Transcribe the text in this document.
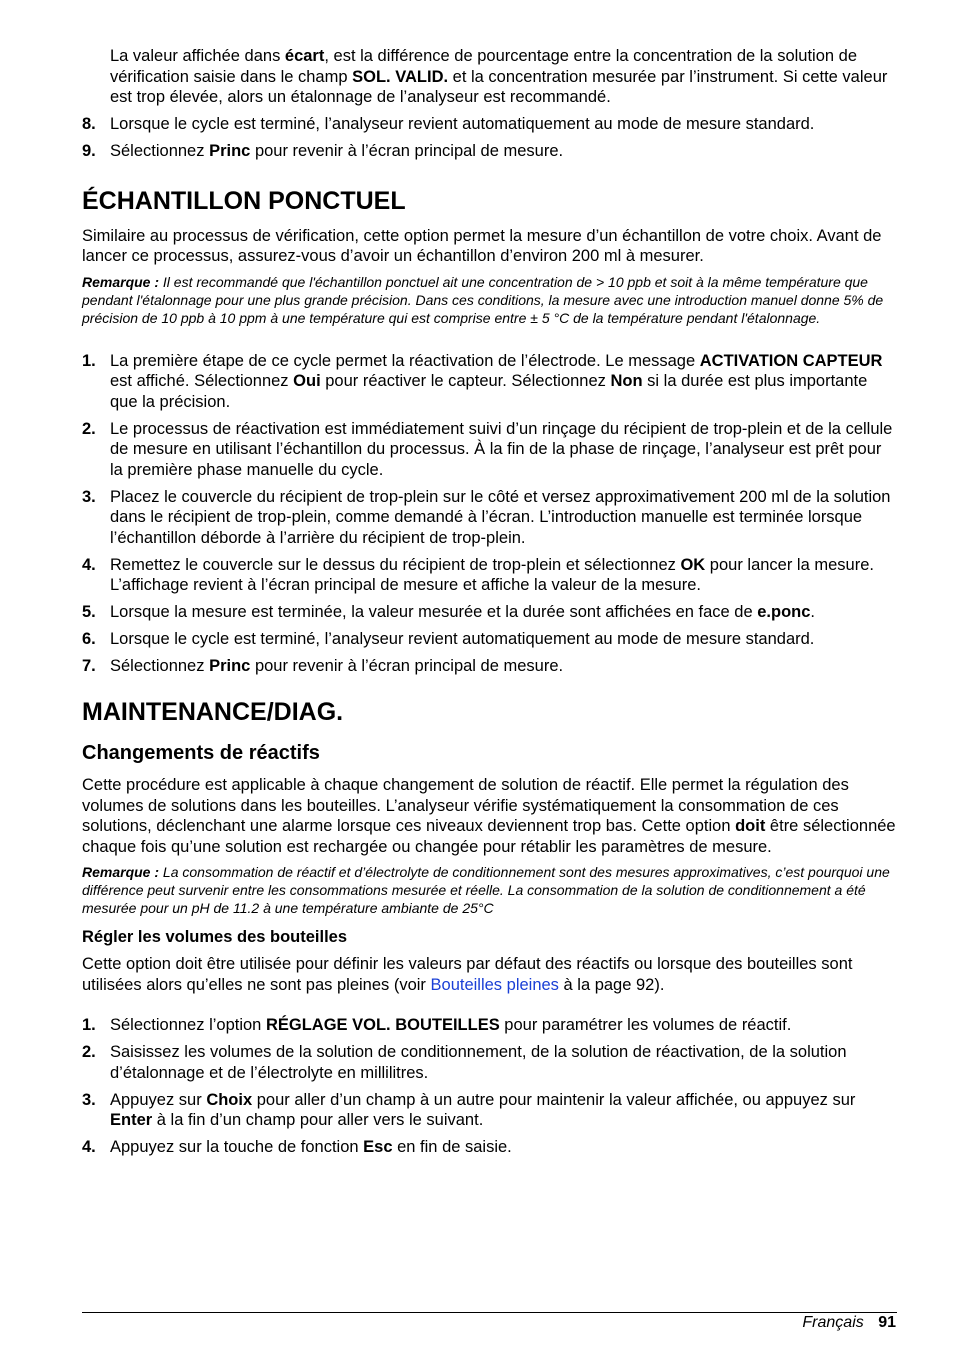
La valeur affichée dans écart, est la différence de pourcentage entre la concentration de la solution de vérification saisie dans le champ SOL. VALID. et la concentration mesurée par l’instrument. Si cette valeur est trop élevée, alors un étalonnage de l’analyseur est recommandé.

8. Lorsque le cycle est terminé, l’analyseur revient automatiquement au mode de mesure standard.
9. Sélectionnez Princ pour revenir à l’écran principal de mesure.
ÉCHANTILLON PONCTUEL

Similaire au processus de vérification, cette option permet la mesure d’un échantillon de votre choix. Avant de lancer ce processus, assurez-vous d’avoir un échantillon d’environ 200 ml à mesurer.

Remarque : Il est recommandé que l'échantillon ponctuel ait une concentration de > 10 ppb et soit à la même température que pendant l'étalonnage pour une plus grande précision. Dans ces conditions, la mesure avec une introduction manuel donne 5% de précision de 10 ppb à 10 ppm à une température qui est comprise entre ± 5 °C de la température pendant l'étalonnage.

1. La première étape de ce cycle permet la réactivation de l’électrode. Le message ACTIVATION CAPTEUR est affiché. Sélectionnez Oui pour réactiver le capteur. Sélectionnez Non si la durée est plus importante que la précision.
2. Le processus de réactivation est immédiatement suivi d’un rinçage du récipient de trop-plein et de la cellule de mesure en utilisant l’échantillon du processus. À la fin de la phase de rinçage, l’analyseur est prêt pour la première phase manuelle du cycle.
3. Placez le couvercle du récipient de trop-plein sur le côté et versez approximativement 200 ml de la solution dans le récipient de trop-plein, comme demandé à l’écran. L’introduction manuelle est terminée lorsque l’échantillon déborde à l’arrière du récipient de trop-plein.
4. Remettez le couvercle sur le dessus du récipient de trop-plein et sélectionnez OK pour lancer la mesure. L’affichage revient à l’écran principal de mesure et affiche la valeur de la mesure.
5. Lorsque la mesure est terminée, la valeur mesurée et la durée sont affichées en face de e.ponc.
6. Lorsque le cycle est terminé, l’analyseur revient automatiquement au mode de mesure standard.
7. Sélectionnez Princ pour revenir à l’écran principal de mesure.
MAINTENANCE/DIAG.
Changements de réactifs

Cette procédure est applicable à chaque changement de solution de réactif. Elle permet la régulation des volumes de solutions dans les bouteilles. L’analyseur vérifie systématiquement la consommation de ces solutions, déclenchant une alarme lorsque ces niveaux deviennent trop bas. Cette option doit être sélectionnée chaque fois qu’une solution est rechargée ou changée pour rétablir les paramètres de mesure.

Remarque : La consommation de réactif et d’électrolyte de conditionnement sont des mesures approximatives, c’est pourquoi une différence peut survenir entre les consommations mesurée et réelle. La consommation de la solution de conditionnement a été mesurée pour un pH de 11.2 à une température ambiante de 25°C

Régler les volumes des bouteilles

Cette option doit être utilisée pour définir les valeurs par défaut des réactifs ou lorsque des bouteilles sont utilisées alors qu’elles ne sont pas pleines (voir Bouteilles pleines à la page 92).

1. Sélectionnez l’option RÉGLAGE VOL. BOUTEILLES pour paramétrer les volumes de réactif.
2. Saisissez les volumes de la solution de conditionnement, de la solution de réactivation, de la solution d’étalonnage et de l’électrolyte en millilitres.
3. Appuyez sur Choix pour aller d’un champ à un autre pour maintenir la valeur affichée, ou appuyez sur Enter à la fin d’un champ pour aller vers le suivant.
4. Appuyez sur la touche de fonction Esc en fin de saisie.
Français 91
